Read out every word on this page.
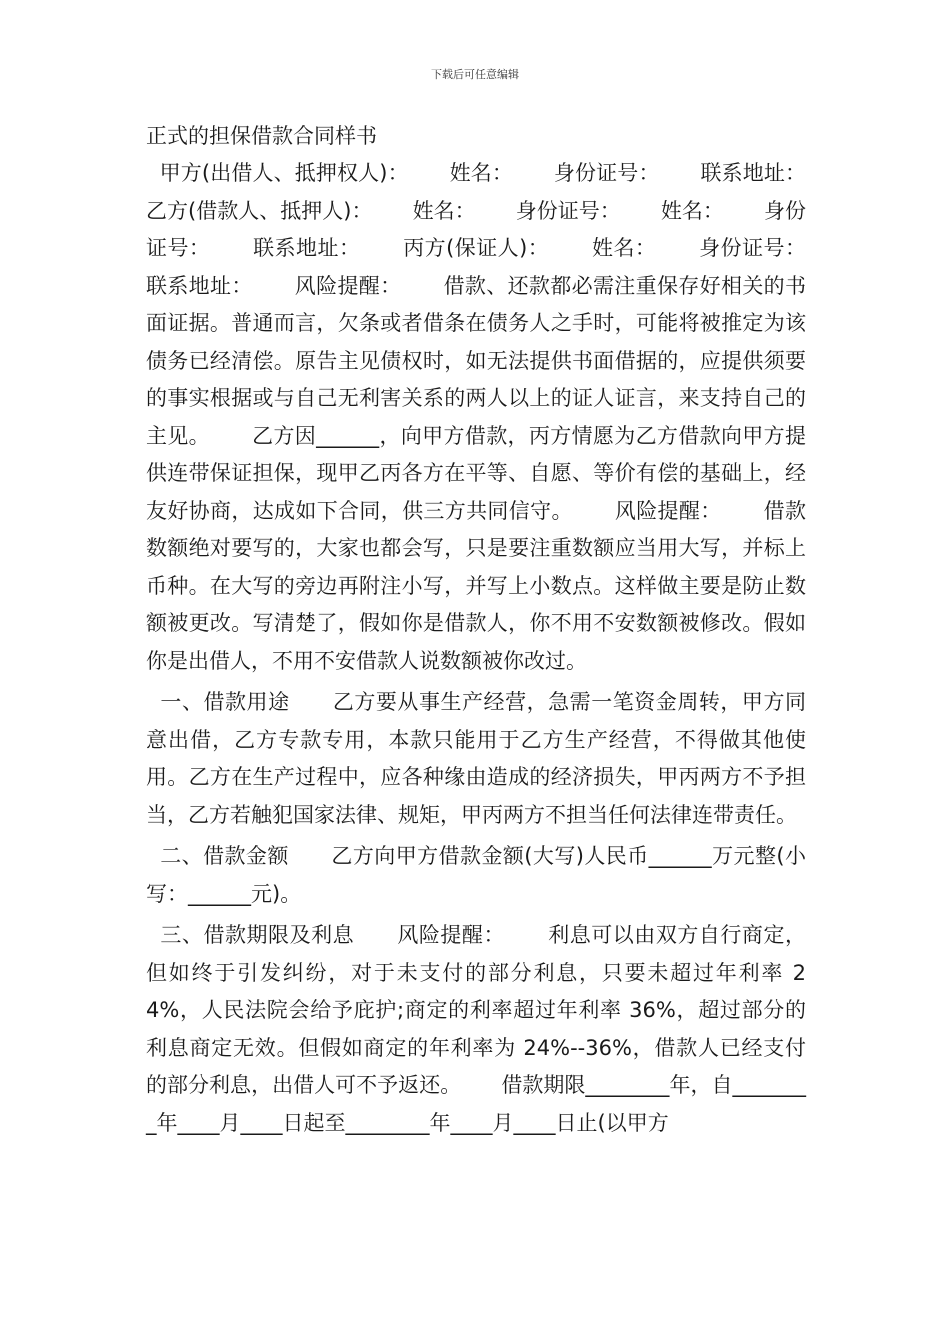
下载后可任意编辑
正式的担保借款合同样书

甲方(出借人、抵押权人)：      姓名：      身份证号：      联系地址：      乙方(借款人、抵押人)：      姓名：      身份证号：      姓名：      身份证号：      联系地址：      丙方(保证人)：      姓名：      身份证号：      联系地址：      风险提醒：      借款、还款都必需注重保存好相关的书面证据。普通而言，欠条或者借条在债务人之手时，可能将被推定为该债务已经清偿。原告主见债权时，如无法提供书面借据的，应提供须要的事实根据或与自己无利害关系的两人以上的证人证言，来支持自己的主见。      乙方因______，向甲方借款，丙方情愿为乙方借款向甲方提供连带保证担保，现甲乙丙各方在平等、自愿、等价有偿的基础上，经友好协商，达成如下合同，供三方共同信守。      风险提醒：      借款数额绝对要写的，大家也都会写，只是要注重数额应当用大写，并标上币种。在大写的旁边再附注小写，并写上小数点。这样做主要是防止数额被更改。写清楚了，假如你是借款人，你不用不安数额被修改。假如你是出借人，不用不安借款人说数额被你改过。

一、借款用途      乙方要从事生产经营，急需一笔资金周转，甲方同意出借，乙方专款专用，本款只能用于乙方生产经营，不得做其他使用。乙方在生产过程中，应各种缘由造成的经济损失，甲丙两方不予担当，乙方若触犯国家法律、规矩，甲丙两方不担当任何法律连带责任。

二、借款金额      乙方向甲方借款金额(大写)人民币______万元整(小写：______元)。

三、借款期限及利息      风险提醒：      利息可以由双方自行商定，但如终于引发纠纷，对于未支付的部分利息，只要未超过年利率 24%，人民法院会给予庇护;商定的利率超过年利率 36%，超过部分的利息商定无效。但假如商定的年利率为 24%--36%，借款人已经支付的部分利息，出借人可不予返还。      借款期限________年，自________年____月____日起至________年____月____日止(以甲方
